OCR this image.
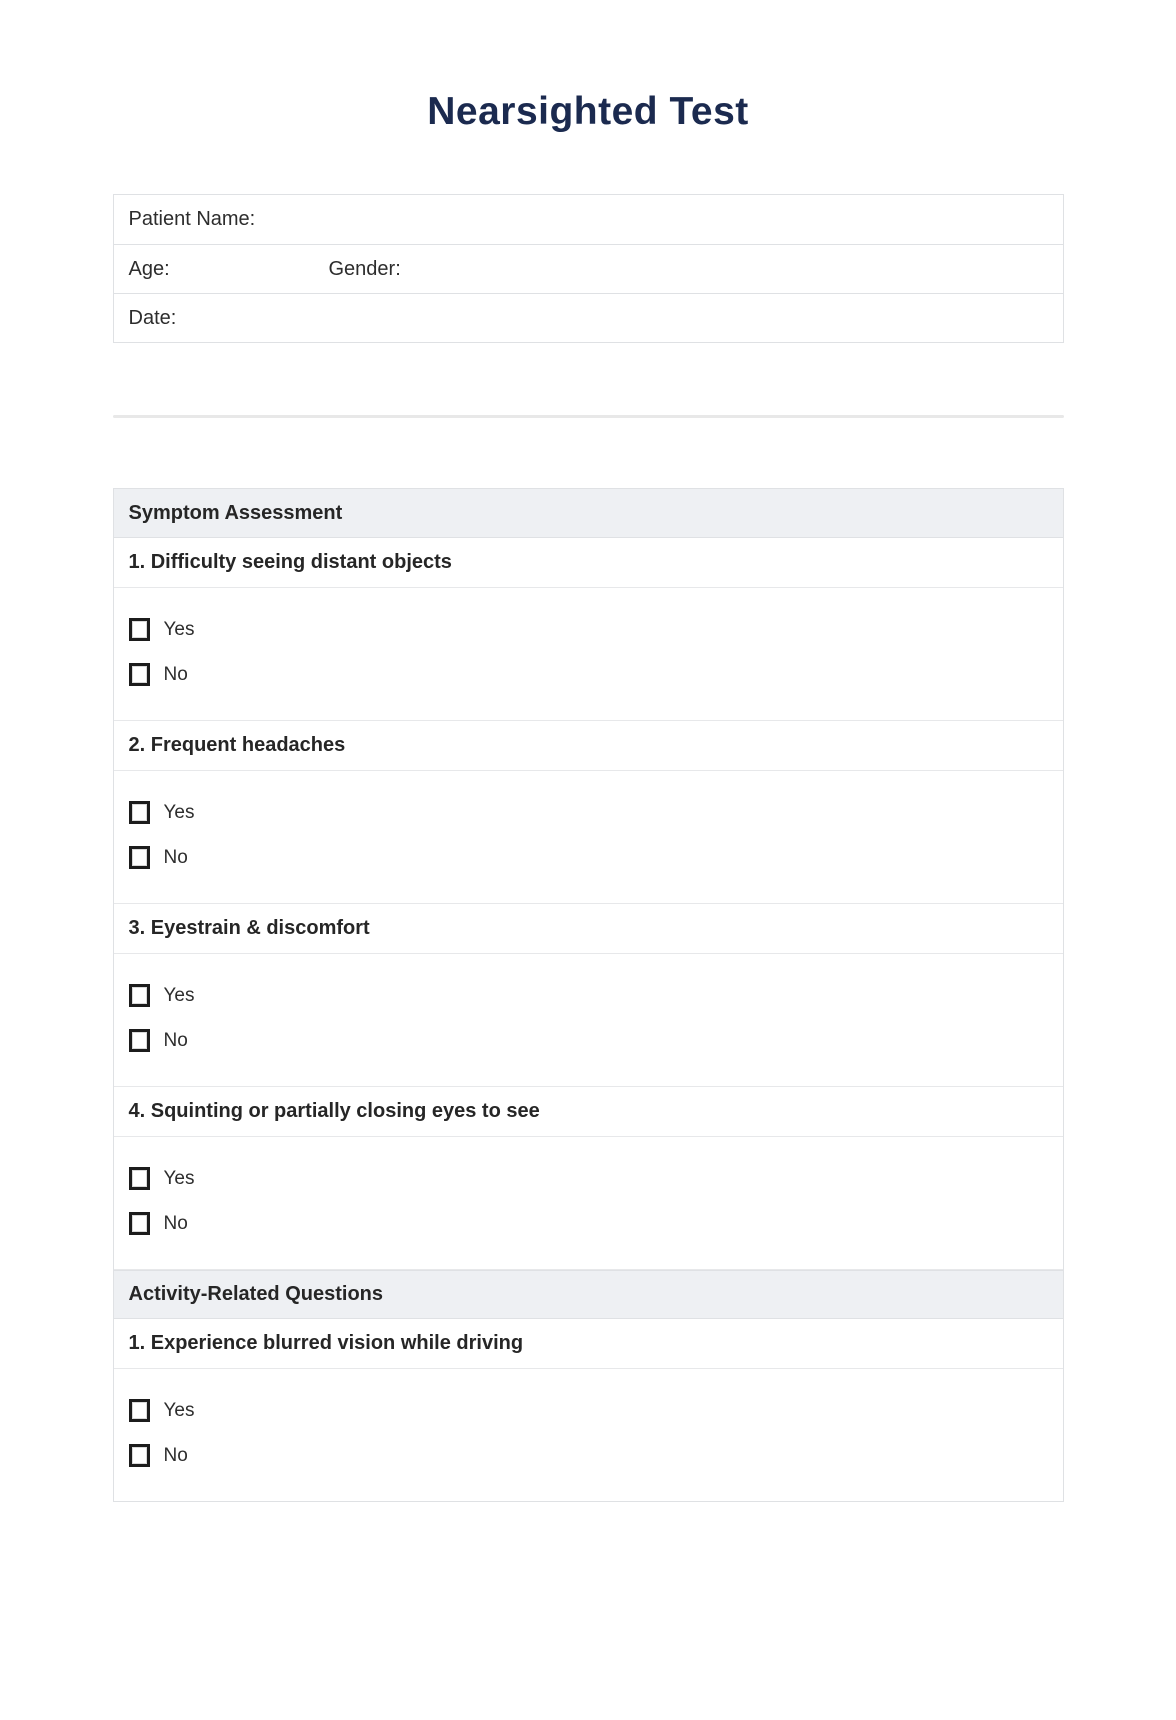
Nearsighted Test
Patient Name:
Age:	Gender:
Date:
Symptom Assessment
1. Difficulty seeing distant objects
Yes
No
2. Frequent headaches
Yes
No
3. Eyestrain & discomfort
Yes
No
4. Squinting or partially closing eyes to see
Yes
No
Activity-Related Questions
1. Experience blurred vision while driving
Yes
No
